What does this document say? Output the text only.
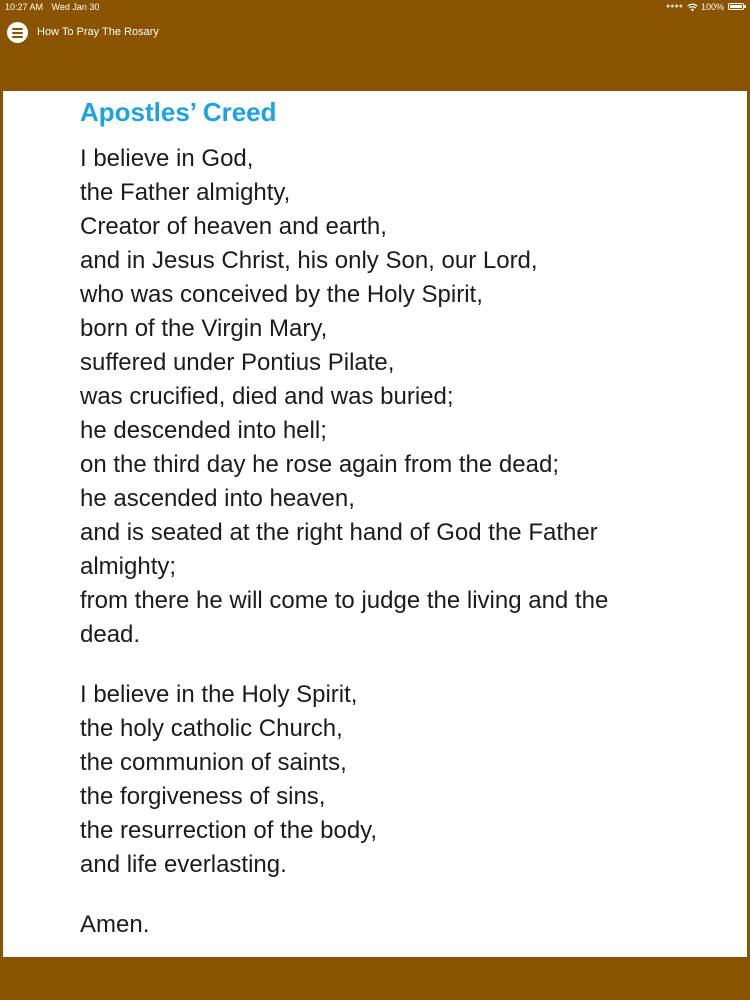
10:27 AM Wed Jan 30	●●●● 100%
How To Pray The Rosary
Apostles’ Creed

I believe in God,
the Father almighty,
Creator of heaven and earth,
and in Jesus Christ, his only Son, our Lord,
who was conceived by the Holy Spirit,
born of the Virgin Mary,
suffered under Pontius Pilate,
was crucified, died and was buried;
he descended into hell;
on the third day he rose again from the dead;
he ascended into heaven,
and is seated at the right hand of God the Father
almighty;
from there he will come to judge the living and the
dead.

I believe in the Holy Spirit,
the holy catholic Church,
the communion of saints,
the forgiveness of sins,
the resurrection of the body,
and life everlasting.

Amen.
